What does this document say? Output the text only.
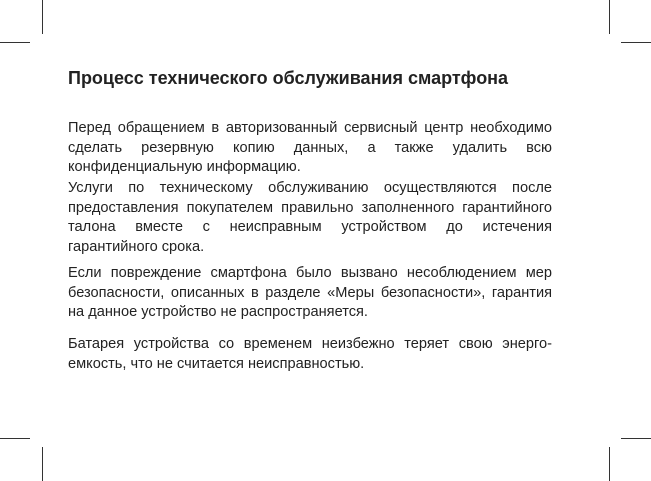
Процесс технического обслуживания смартфона

Перед обращением в авторизованный сервисный центр необходимо сделать резервную копию данных, а также удалить всю конфиденциальную информацию.

Услуги по техническому обслуживанию осуществляются после предоставления покупателем правильно заполненного гарантийного талона вместе с неисправным устройством до истечения гарантийного срока.

Если повреждение смартфона было вызвано несоблюдением мер безопасности, описанных в разделе «Меры безопасности», гарантия на данное устройство не распространяется.

Батарея устройства со временем неизбежно теряет свою энергоемкость, что не считается неисправностью.
